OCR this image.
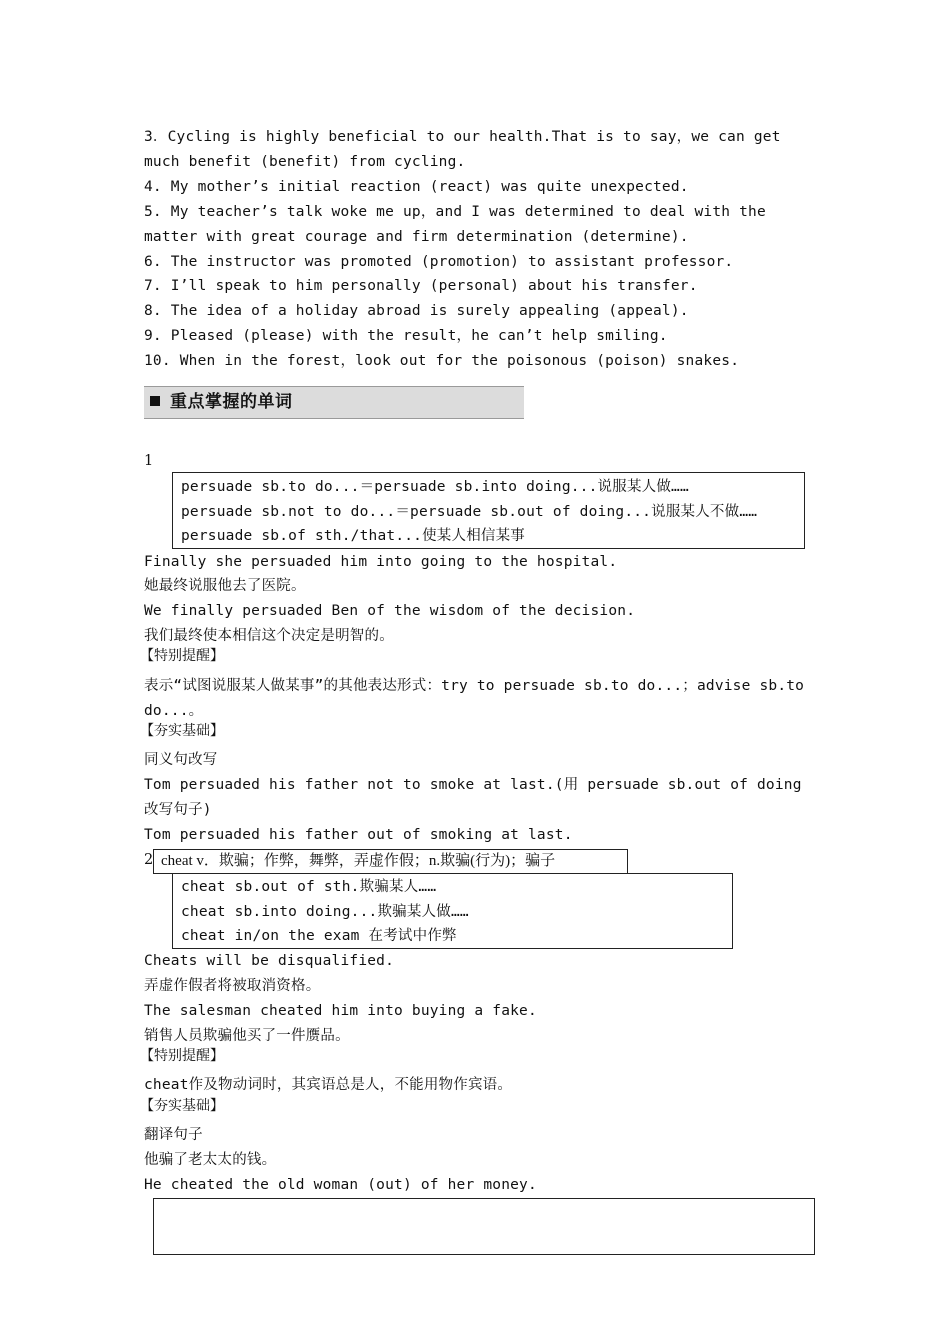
3．Cycling is highly beneficial to our health.That is to say，we can get much benefit (benefit) from cycling.
4. My mother’s initial reaction (react) was quite unexpected.
5. My teacher’s talk woke me up，and I was determined to deal with the matter with great courage and firm determination (determine).
6. The instructor was promoted (promotion) to assistant professor.
7. I’ll speak to him personally (personal) about his transfer.
8. The idea of a holiday abroad is surely appealing (appeal).
9. Pleased (please) with the result，he can’t help smiling.
10. When in the forest，look out for the poisonous (poison) snakes.
重点掌握的单词
1
persuade sb.to do...＝persuade sb.into doing...说服某人做……
persuade sb.not to do...＝persuade sb.out of doing...说服某人不做……
persuade sb.of sth./that...使某人相信某事
Finally she persuaded him into going to the hospital.
她最终说服他去了医院。
We finally persuaded Ben of the wisdom of the decision.
我们最终使本相信这个决定是明智的。
【特别提醒】
表示“试图说服某人做某事”的其他表达形式：try to persuade sb.to do...；advise sb.to do...。
【夯实基础】
同义句改写
Tom persuaded his father not to smoke at last.(用 persuade sb.out of doing改写句子)
Tom persuaded his father out of smoking at last.
2 cheat v．欺骗；作弊，舞弊，弄虚作假；n.欺骗(行为)；骗子
cheat sb.out of sth.欺骗某人……
cheat sb.into doing...欺骗某人做……
cheat in/on the exam 在考试中作弊
Cheats will be disqualified.
弄虚作假者将被取消资格。
The salesman cheated him into buying a fake.
销售人员欺骗他买了一件赝品。
【特别提醒】
cheat作及物动词时，其宾语总是人，不能用物作宾语。
【夯实基础】
翻译句子
他骗了老太太的钱。
He cheated the old woman (out) of her money.
